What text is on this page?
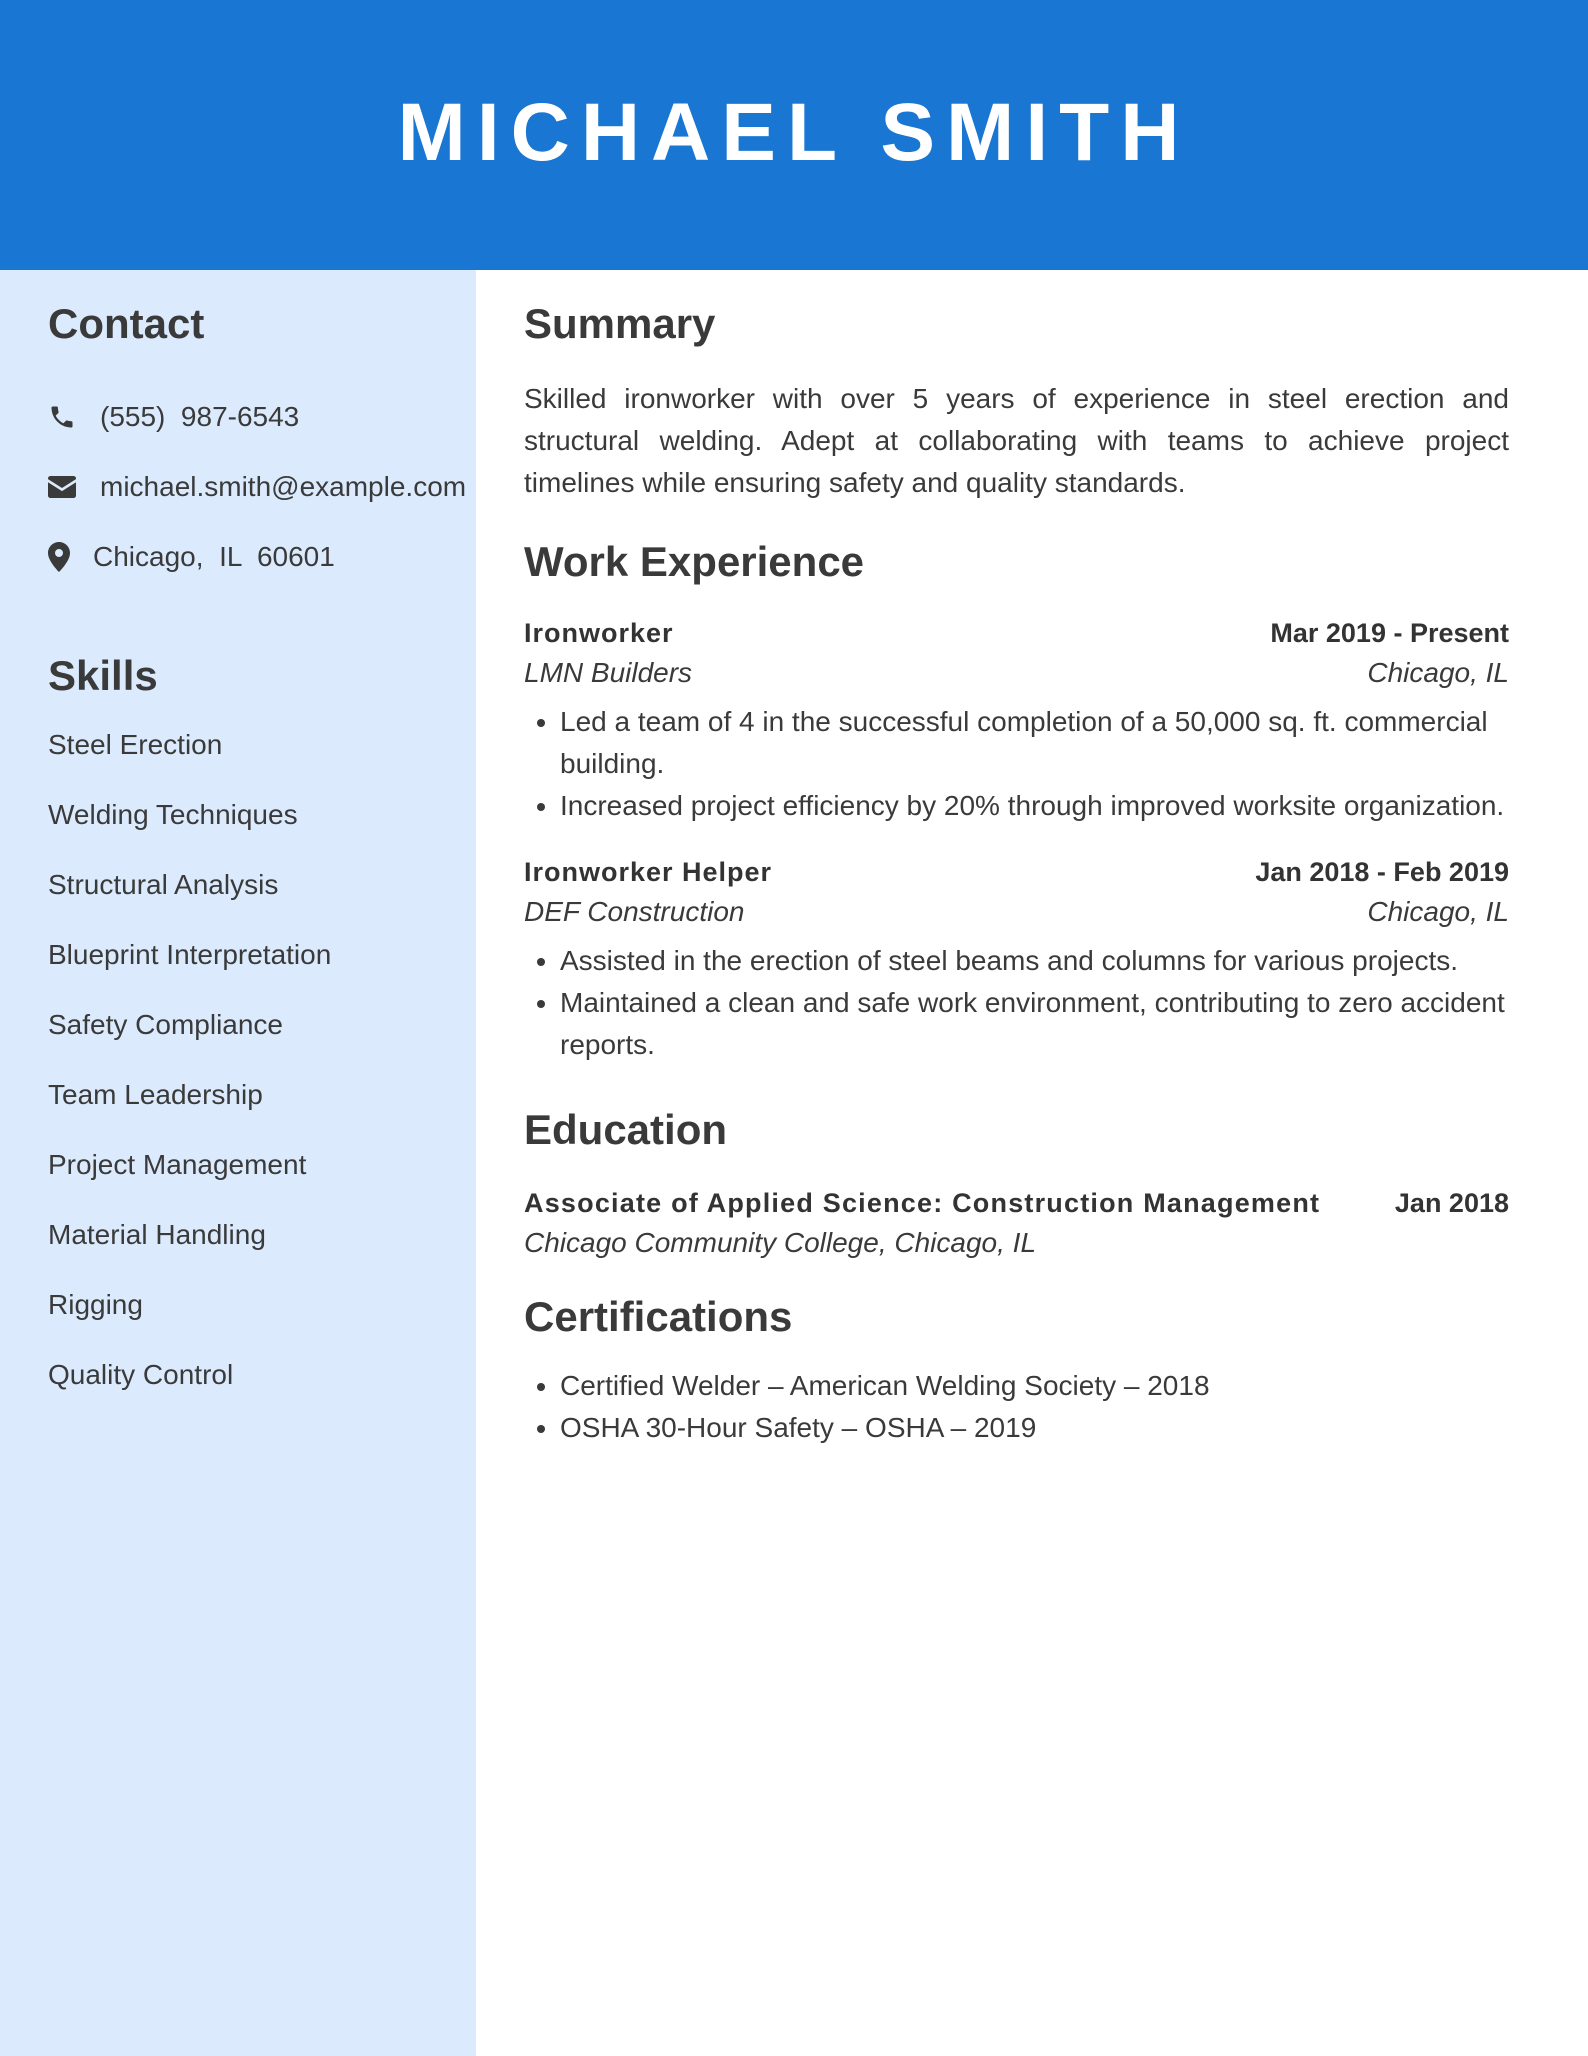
MICHAEL SMITH
Contact
(555)  987-6543
michael.smith@example.com
Chicago,  IL  60601
Skills
Steel Erection
Welding Techniques
Structural Analysis
Blueprint Interpretation
Safety Compliance
Team Leadership
Project Management
Material Handling
Rigging
Quality Control
Summary

Skilled ironworker with over 5 years of experience in steel erection and structural welding. Adept at collaborating with teams to achieve project timelines while ensuring safety and quality standards.

Work Experience
Ironworker	Mar 2019 - Present
LMN Builders	Chicago, IL
• Led a team of 4 in the successful completion of a 50,000 sq. ft. commercial building.
• Increased project efficiency by 20% through improved worksite organization.
Ironworker Helper	Jan 2018 - Feb 2019
DEF Construction	Chicago, IL
• Assisted in the erection of steel beams and columns for various projects.
• Maintained a clean and safe work environment, contributing to zero accident reports.
Education
Associate of Applied Science: Construction Management	Jan 2018
Chicago Community College, Chicago, IL
Certifications
• Certified Welder – American Welding Society – 2018
• OSHA 30-Hour Safety – OSHA – 2019
